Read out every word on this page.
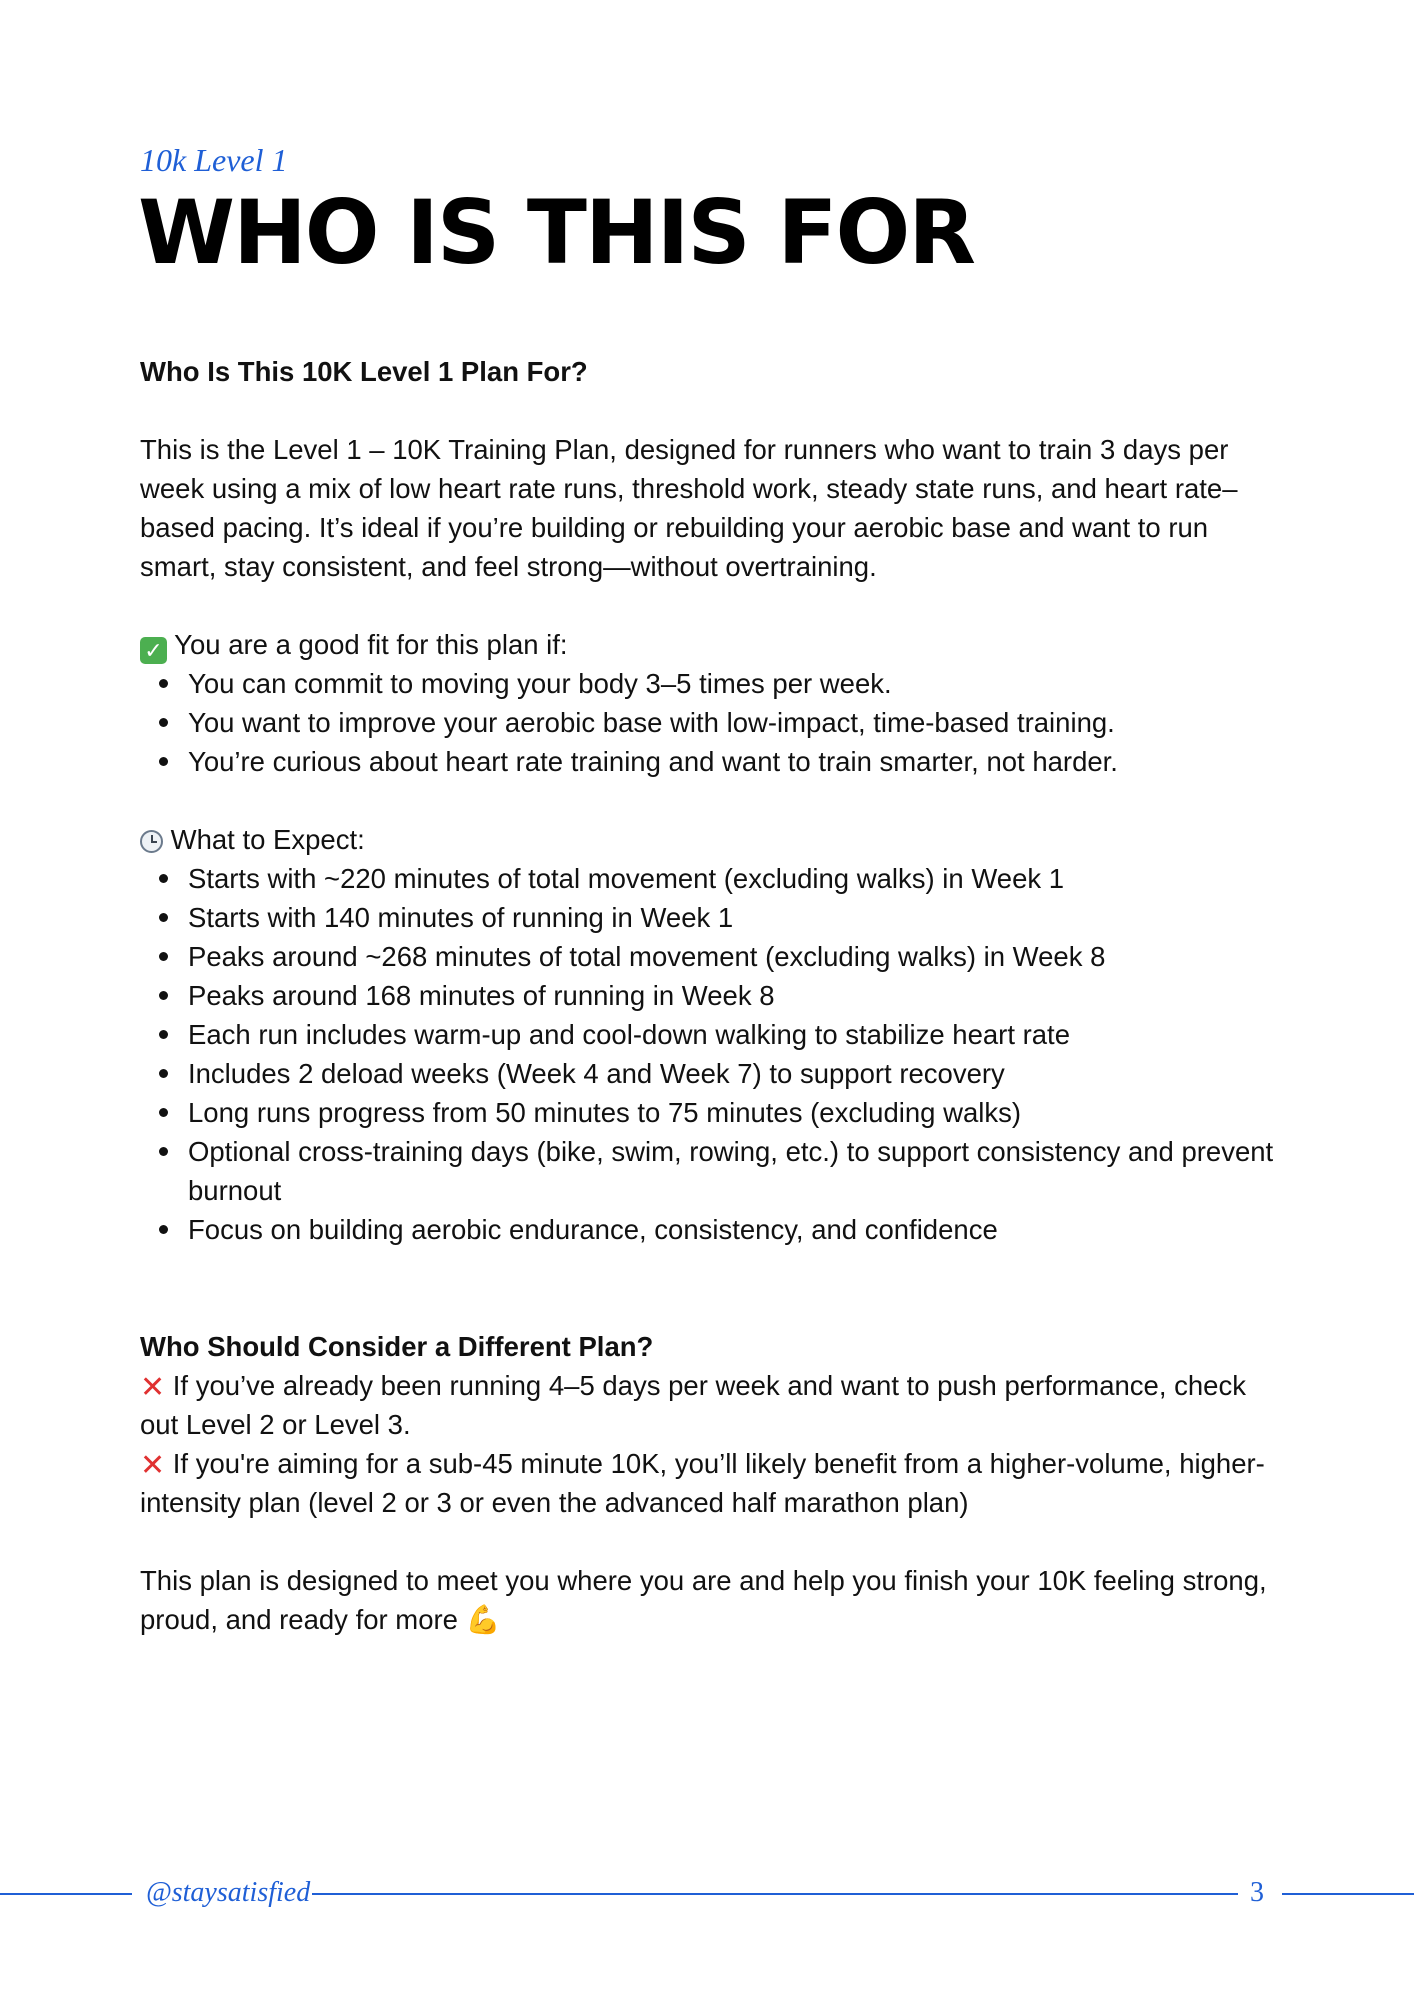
10k Level 1
WHO IS THIS FOR

Who Is This 10K Level 1 Plan For?

This is the Level 1 – 10K Training Plan, designed for runners who want to train 3 days per week using a mix of low heart rate runs, threshold work, steady state runs, and heart rate–based pacing. It’s ideal if you’re building or rebuilding your aerobic base and want to run smart, stay consistent, and feel strong—without overtraining.

✓ You are a good fit for this plan if:

You can commit to moving your body 3–5 times per week.
You want to improve your aerobic base with low-impact, time-based training.
You’re curious about heart rate training and want to train smarter, not harder.

What to Expect:

Starts with ~220 minutes of total movement (excluding walks) in Week 1
Starts with 140 minutes of running in Week 1
Peaks around ~268 minutes of total movement (excluding walks) in Week 8
Peaks around 168 minutes of running in Week 8
Each run includes warm-up and cool-down walking to stabilize heart rate
Includes 2 deload weeks (Week 4 and Week 7) to support recovery
Long runs progress from 50 minutes to 75 minutes (excluding walks)
Optional cross-training days (bike, swim, rowing, etc.) to support consistency and prevent burnout
Focus on building aerobic endurance, consistency, and confidence

Who Should Consider a Different Plan?

✕ If you’ve already been running 4–5 days per week and want to push performance, check out Level 2 or Level 3.

✕ If you're aiming for a sub-45 minute 10K, you’ll likely benefit from a higher-volume, higher-intensity plan (level 2 or 3 or even the advanced half marathon plan)

This plan is designed to meet you where you are and help you finish your 10K feeling strong, proud, and ready for more 💪

@staysatisfied	3
